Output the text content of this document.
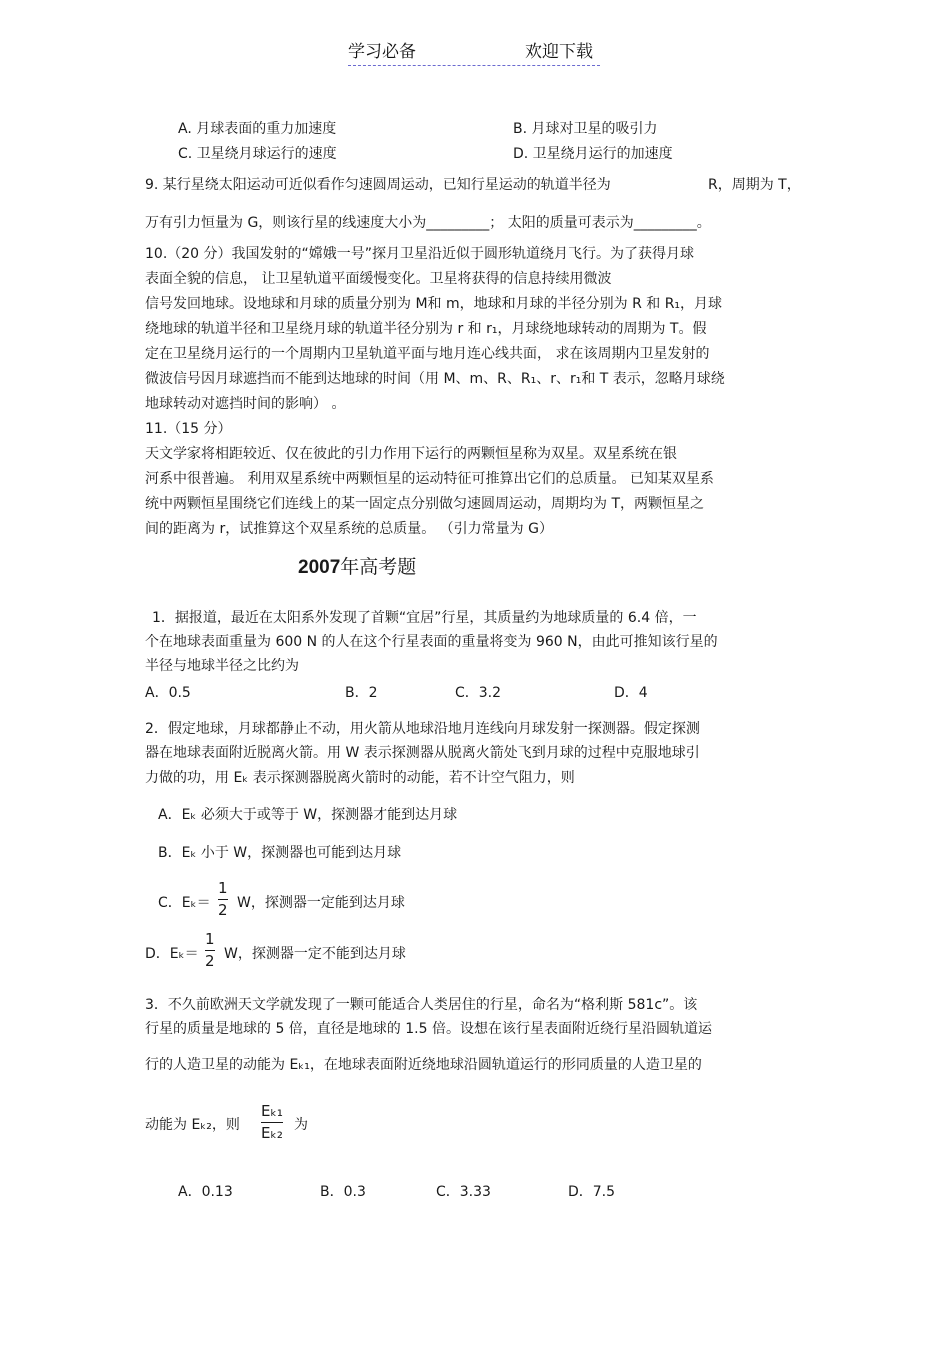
学习必备	欢迎下载
A. 月球表面的重力加速度	B. 月球对卫星的吸引力
C. 卫星绕月球运行的速度	D. 卫星绕月运行的加速度
9. 某行星绕太阳运动可近似看作匀速圆周运动，已知行星运动的轨道半径为	R，周期为 T，
万有引力恒量为 G，则该行星的线速度大小为_________； 太阳的质量可表示为_________。
10.（20 分）我国发射的“嫦娥一号”探月卫星沿近似于圆形轨道绕月飞行。为了获得月球
表面全貌的信息， 让卫星轨道平面缓慢变化。卫星将获得的信息持续用微波
信号发回地球。设地球和月球的质量分别为 M和 m，地球和月球的半径分别为 R 和 R₁，月球
绕地球的轨道半径和卫星绕月球的轨道半径分别为 r 和 r₁，月球绕地球转动的周期为 T。假
定在卫星绕月运行的一个周期内卫星轨道平面与地月连心线共面， 求在该周期内卫星发射的
微波信号因月球遮挡而不能到达地球的时间（用 M、m、R、R₁、r、r₁和 T 表示，忽略月球绕
地球转动对遮挡时间的影响） 。
11.（15 分）
天文学家将相距较近、仅在彼此的引力作用下运行的两颗恒星称为双星。双星系统在银
河系中很普遍。 利用双星系统中两颗恒星的运动特征可推算出它们的总质量。 已知某双星系
统中两颗恒星围绕它们连线上的某一固定点分别做匀速圆周运动，周期均为 T，两颗恒星之
间的距离为 r，试推算这个双星系统的总质量。 （引力常量为 G）
2007年高考题
1．据报道，最近在太阳系外发现了首颗“宜居”行星，其质量约为地球质量的 6.4 倍，一
个在地球表面重量为 600 N 的人在这个行星表面的重量将变为 960 N，由此可推知该行星的
半径与地球半径之比约为
A．0.5	B．2	C．3.2	D．4
2．假定地球，月球都静止不动，用火箭从地球沿地月连线向月球发射一探测器。假定探测
器在地球表面附近脱离火箭。用 W 表示探测器从脱离火箭处飞到月球的过程中克服地球引
力做的功，用 Eₖ 表示探测器脱离火箭时的动能，若不计空气阻力，则
A．Eₖ 必须大于或等于 W，探测器才能到达月球
B．Eₖ 小于 W，探测器也可能到达月球
C．Eₖ＝
1
2 W，探测器一定能到达月球
D．Eₖ＝
1
2 W，探测器一定不能到达月球
3．不久前欧洲天文学就发现了一颗可能适合人类居住的行星，命名为“格利斯 581c”。该
行星的质量是地球的 5 倍，直径是地球的 1.5 倍。设想在该行星表面附近绕行星沿圆轨道运
行的人造卫星的动能为 Eₖ₁，在地球表面附近绕地球沿圆轨道运行的形同质量的人造卫星的
动能为 Eₖ₂，则
Eₖ₁
Eₖ₂ 为
A．0.13	B．0.3	C．3.33	D．7.5
